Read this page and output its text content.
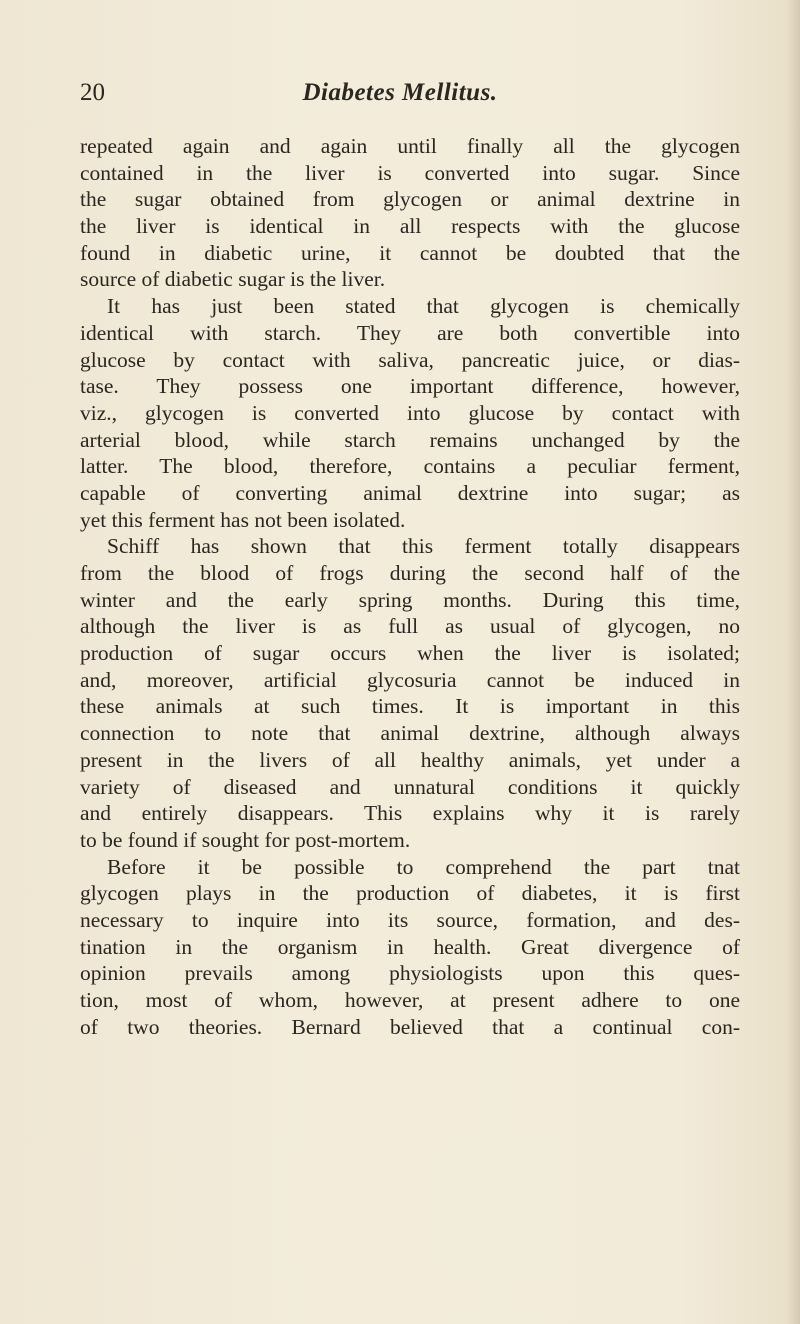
20	Diabetes Mellitus.
repeated again and again until finally all the glycogen
contained in the liver is converted into sugar. Since
the sugar obtained from glycogen or animal dextrine in
the liver is identical in all respects with the glucose
found in diabetic urine, it cannot be doubted that the
source of diabetic sugar is the liver.
It has just been stated that glycogen is chemically
identical with starch. They are both convertible into
glucose by contact with saliva, pancreatic juice, or dias-
tase. They possess one important difference, however,
viz., glycogen is converted into glucose by contact with
arterial blood, while starch remains unchanged by the
latter. The blood, therefore, contains a peculiar ferment,
capable of converting animal dextrine into sugar; as
yet this ferment has not been isolated.
Schiff has shown that this ferment totally disappears
from the blood of frogs during the second half of the
winter and the early spring months. During this time,
although the liver is as full as usual of glycogen, no
production of sugar occurs when the liver is isolated;
and, moreover, artificial glycosuria cannot be induced in
these animals at such times. It is important in this
connection to note that animal dextrine, although always
present in the livers of all healthy animals, yet under a
variety of diseased and unnatural conditions it quickly
and entirely disappears. This explains why it is rarely
to be found if sought for post-mortem.
Before it be possible to comprehend the part tnat
glycogen plays in the production of diabetes, it is first
necessary to inquire into its source, formation, and des-
tination in the organism in health. Great divergence of
opinion prevails among physiologists upon this ques-
tion, most of whom, however, at present adhere to one
of two theories. Bernard believed that a continual con-
